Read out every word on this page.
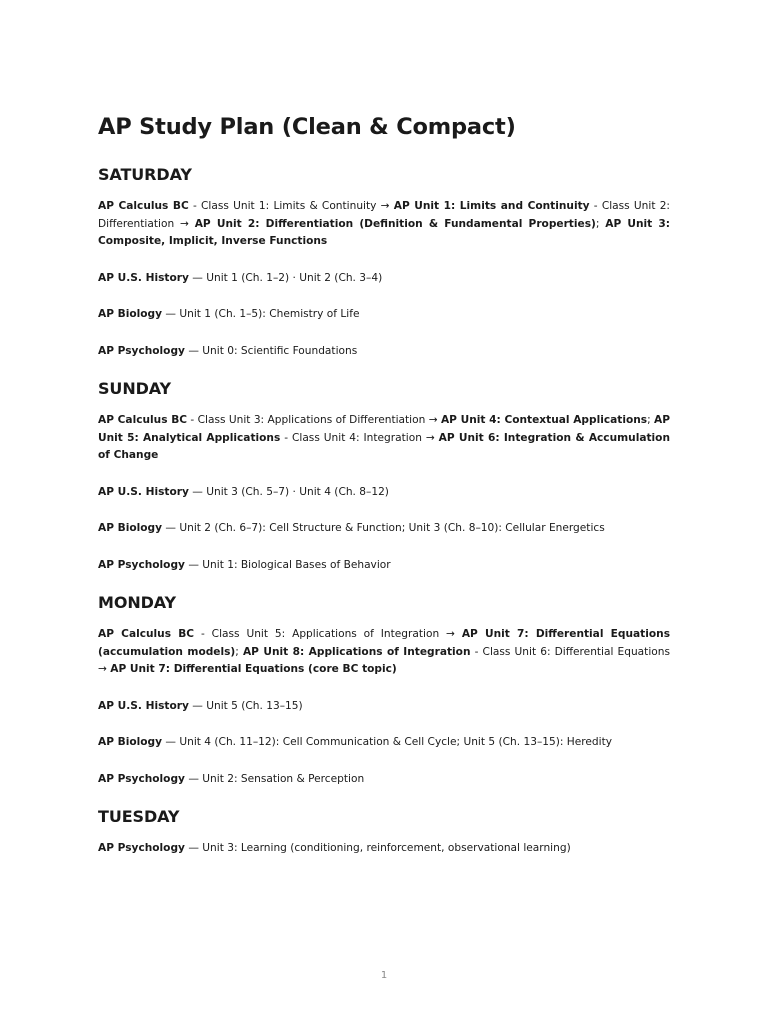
AP Study Plan (Clean & Compact)
SATURDAY

AP Calculus BC - Class Unit 1: Limits & Continuity → AP Unit 1: Limits and Continuity - Class Unit 2: Differentiation → AP Unit 2: Differentiation (Definition & Fundamental Properties); AP Unit 3: Composite, Implicit, Inverse Functions

AP U.S. History — Unit 1 (Ch. 1–2) · Unit 2 (Ch. 3–4)

AP Biology — Unit 1 (Ch. 1–5): Chemistry of Life

AP Psychology — Unit 0: Scientific Foundations

SUNDAY

AP Calculus BC - Class Unit 3: Applications of Differentiation → AP Unit 4: Contextual Applications; AP Unit 5: Analytical Applications - Class Unit 4: Integration → AP Unit 6: Integration & Accumulation of Change

AP U.S. History — Unit 3 (Ch. 5–7) · Unit 4 (Ch. 8–12)

AP Biology — Unit 2 (Ch. 6–7): Cell Structure & Function; Unit 3 (Ch. 8–10): Cellular Energetics

AP Psychology — Unit 1: Biological Bases of Behavior

MONDAY

AP Calculus BC - Class Unit 5: Applications of Integration → AP Unit 7: Differential Equations (accumulation models); AP Unit 8: Applications of Integration - Class Unit 6: Differential Equations → AP Unit 7: Differential Equations (core BC topic)

AP U.S. History — Unit 5 (Ch. 13–15)

AP Biology — Unit 4 (Ch. 11–12): Cell Communication & Cell Cycle; Unit 5 (Ch. 13–15): Heredity

AP Psychology — Unit 2: Sensation & Perception

TUESDAY

AP Psychology — Unit 3: Learning (conditioning, reinforcement, observational learning)

1
